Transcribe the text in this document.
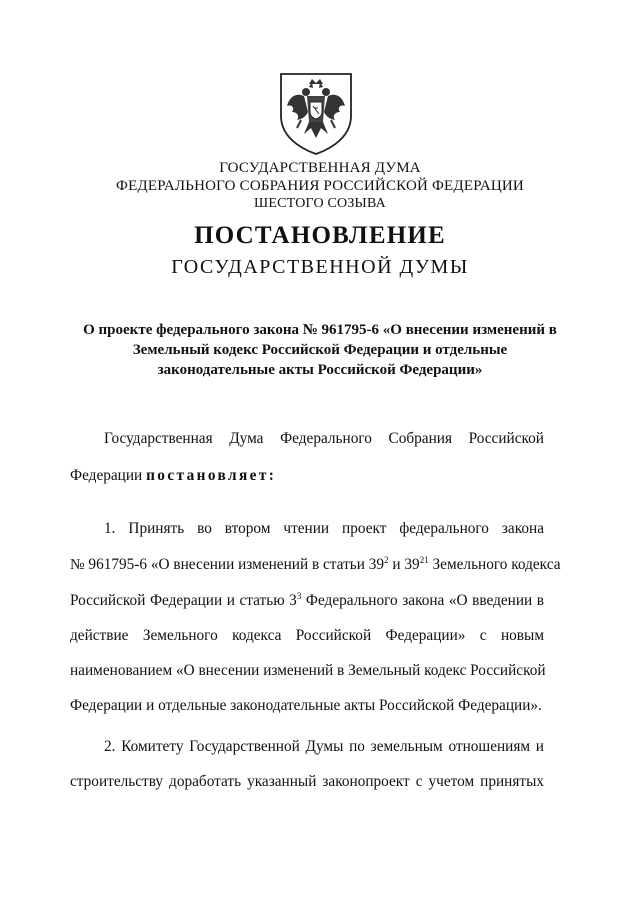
ГОСУДАРСТВЕННАЯ ДУМА
ФЕДЕРАЛЬНОГО СОБРАНИЯ РОССИЙСКОЙ ФЕДЕРАЦИИ
ШЕСТОГО СОЗЫВА
ПОСТАНОВЛЕНИЕ
ГОСУДАРСТВЕННОЙ ДУМЫ
О проекте федерального закона № 961795-6 «О внесении изменений в
Земельный кодекс Российской Федерации и отдельные
законодательные акты Российской Федерации»
Государственная Дума Федерального Собрания Российской
Федерации постановляет:
1. Принять во втором чтении проект федерального закона
№ 961795-6 «О внесении изменений в статьи $39^2$ и $39^{21}$ Земельного кодекса
Российской Федерации и статью $3^3$ Федерального закона «О введении в
действие Земельного кодекса Российской Федерации» с новым
наименованием «О внесении изменений в Земельный кодекс Российской
Федерации и отдельные законодательные акты Российской Федерации».
2. Комитету Государственной Думы по земельным отношениям и
строительству доработать указанный законопроект с учетом принятых
